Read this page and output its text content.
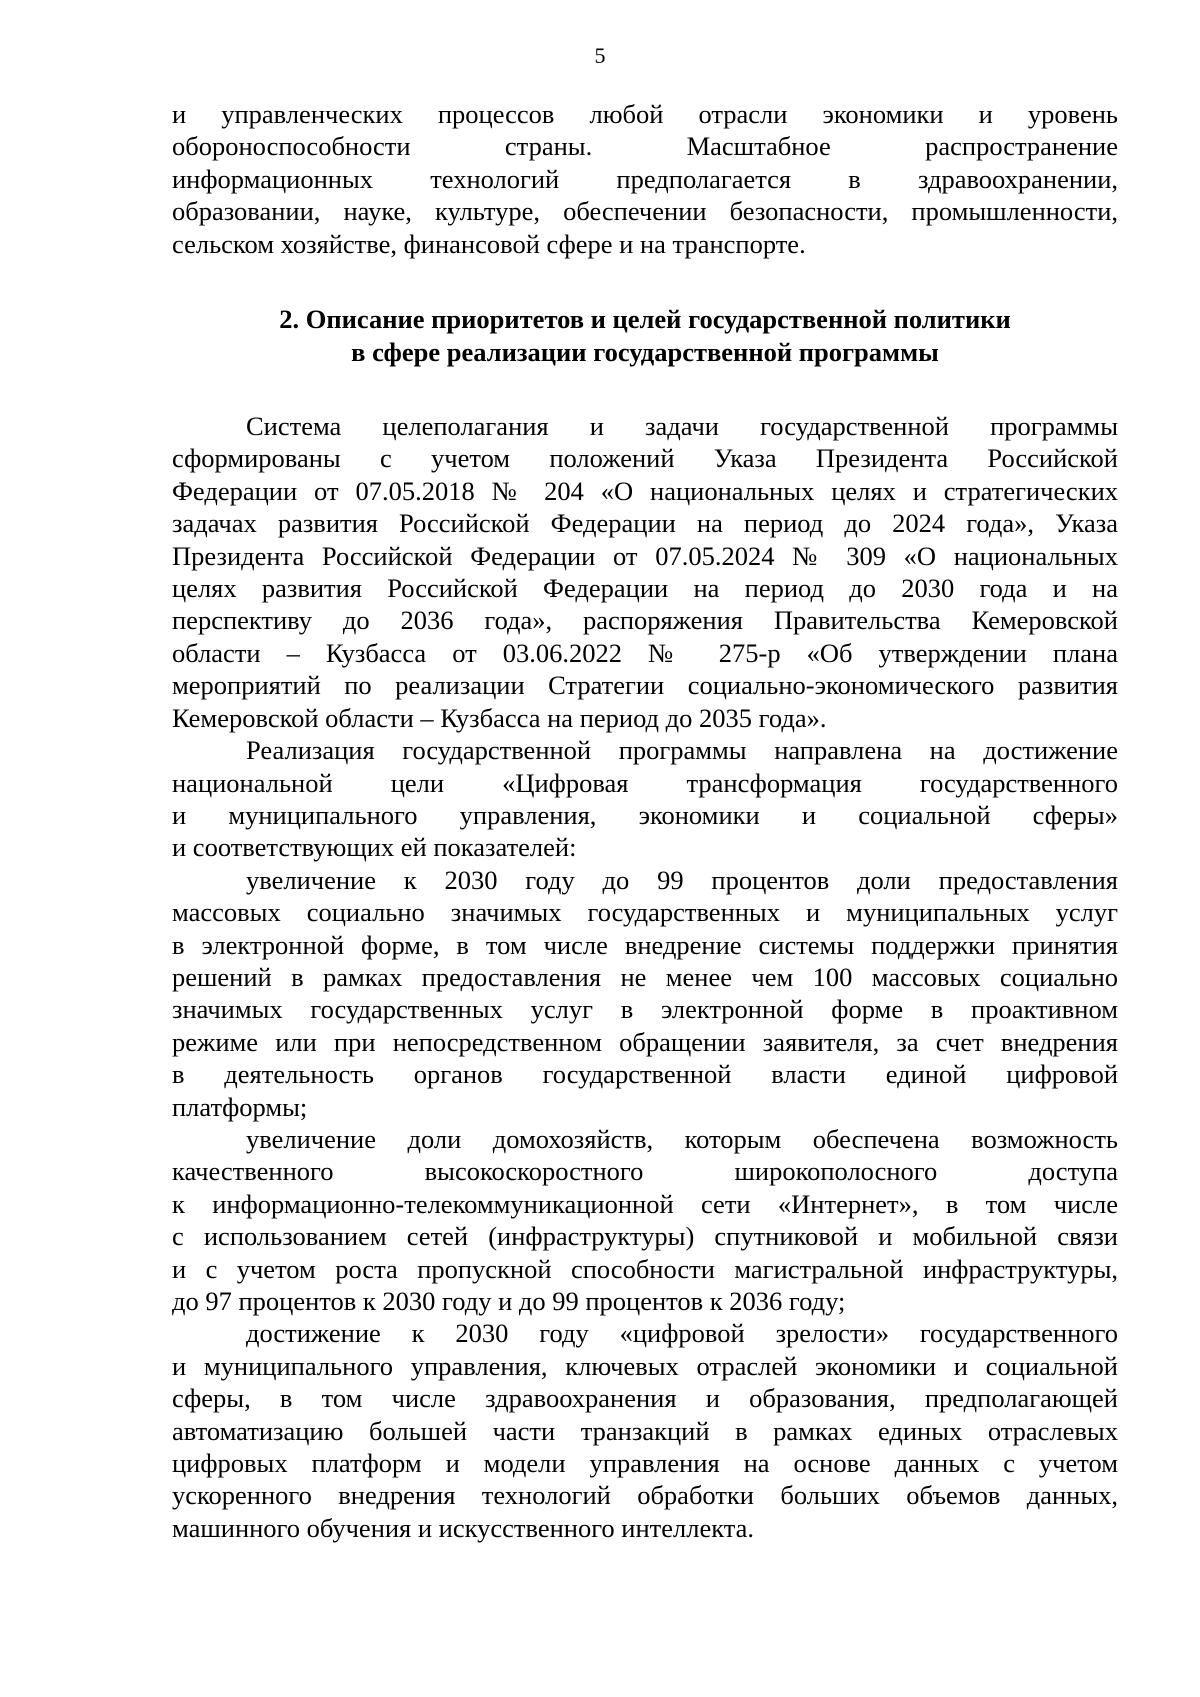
5
и управленческих процессов любой отрасли экономики и уровень
обороноспособности страны. Масштабное распространение
информационных технологий предполагается в здравоохранении,
образовании, науке, культуре, обеспечении безопасности, промышленности,
сельском хозяйстве, финансовой сфере и на транспорте.
2. Описание приоритетов и целей государственной политики
в сфере реализации государственной программы
Система целеполагания и задачи государственной программы
сформированы с учетом положений Указа Президента Российской
Федерации от 07.05.2018 № 204 «О национальных целях и стратегических
задачах развития Российской Федерации на период до 2024 года», Указа
Президента Российской Федерации от 07.05.2024 № 309 «О национальных
целях развития Российской Федерации на период до 2030 года и на
перспективу до 2036 года», распоряжения Правительства Кемеровской
области – Кузбасса от 03.06.2022 № 275-р «Об утверждении плана
мероприятий по реализации Стратегии социально-экономического развития
Кемеровской области – Кузбасса на период до 2035 года».
Реализация государственной программы направлена на достижение
национальной цели «Цифровая трансформация государственного
и муниципального управления, экономики и социальной сферы»
и соответствующих ей показателей:
увеличение к 2030 году до 99 процентов доли предоставления
массовых социально значимых государственных и муниципальных услуг
в электронной форме, в том числе внедрение системы поддержки принятия
решений в рамках предоставления не менее чем 100 массовых социально
значимых государственных услуг в электронной форме в проактивном
режиме или при непосредственном обращении заявителя, за счет внедрения
в деятельность органов государственной власти единой цифровой
платформы;
увеличение доли домохозяйств, которым обеспечена возможность
качественного высокоскоростного широкополосного доступа
к информационно-телекоммуникационной сети «Интернет», в том числе
с использованием сетей (инфраструктуры) спутниковой и мобильной связи
и с учетом роста пропускной способности магистральной инфраструктуры,
до 97 процентов к 2030 году и до 99 процентов к 2036 году;
достижение к 2030 году «цифровой зрелости» государственного
и муниципального управления, ключевых отраслей экономики и социальной
сферы, в том числе здравоохранения и образования, предполагающей
автоматизацию большей части транзакций в рамках единых отраслевых
цифровых платформ и модели управления на основе данных с учетом
ускоренного внедрения технологий обработки больших объемов данных,
машинного обучения и искусственного интеллекта.
